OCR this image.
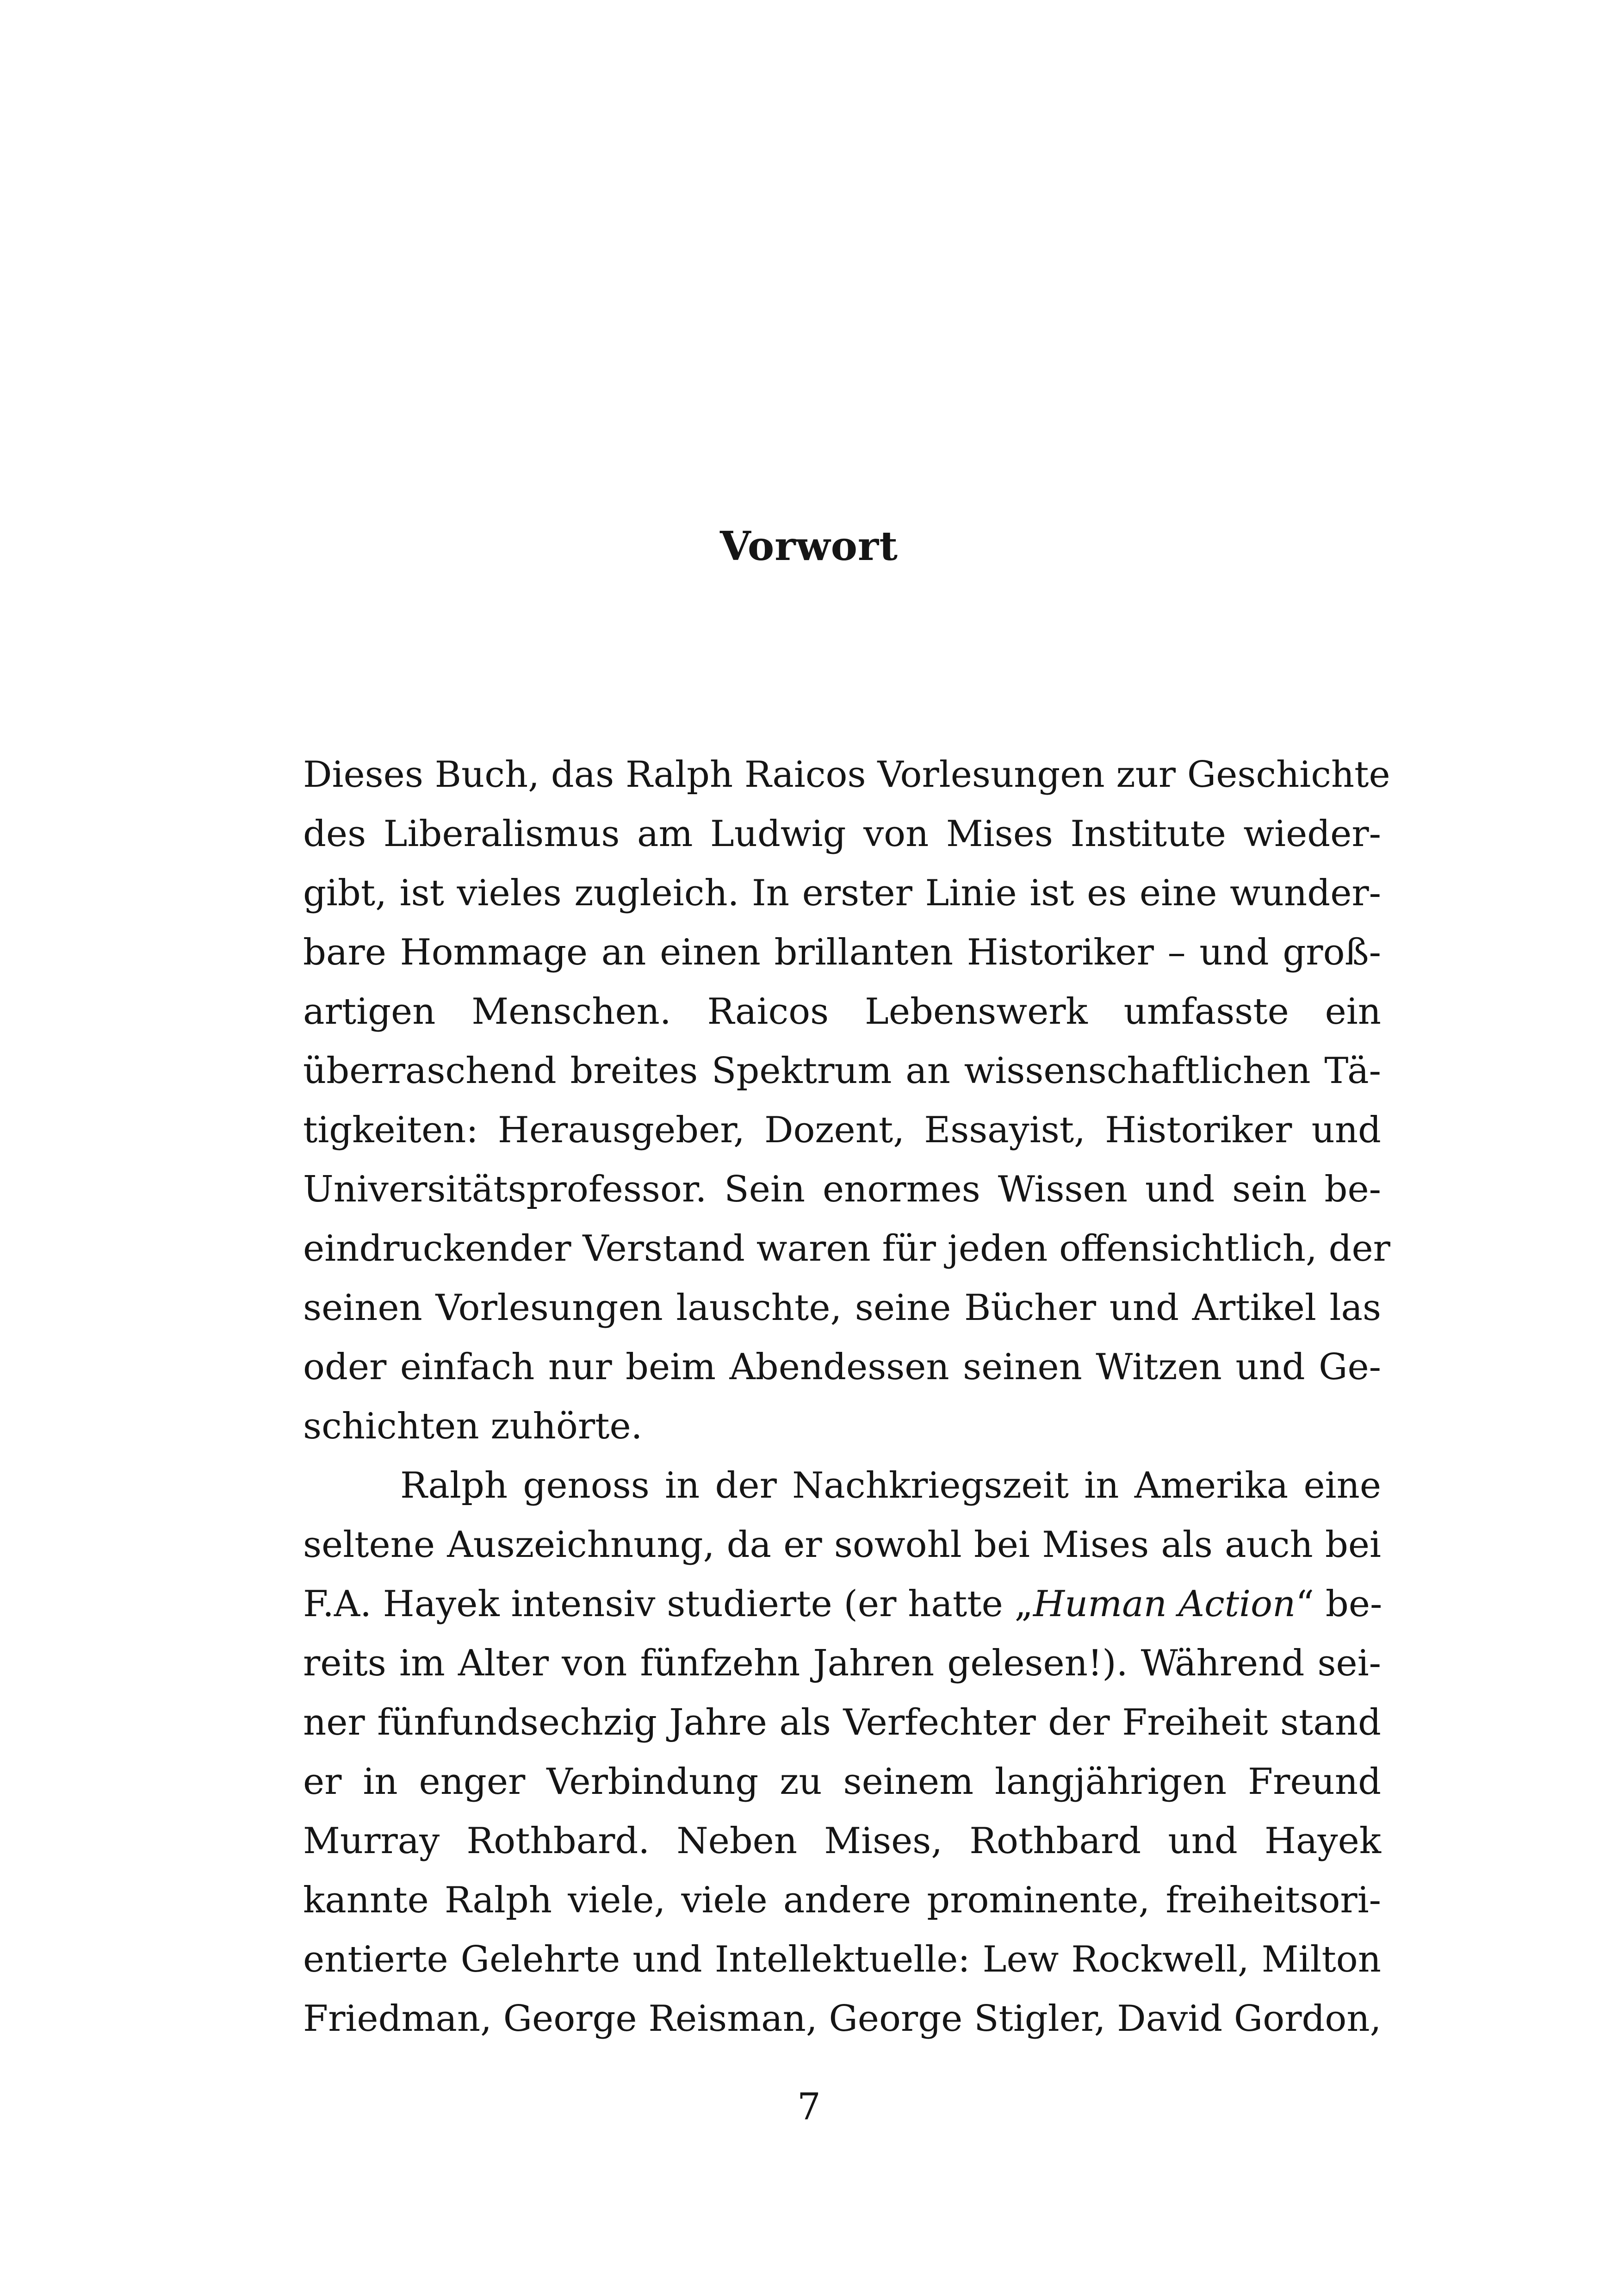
Vorwort
Dieses Buch, das Ralph Raicos Vorlesungen zur Geschichte
des Liberalismus am Ludwig von Mises Institute wieder-
gibt, ist vieles zugleich. In erster Linie ist es eine wunder-
bare Hommage an einen brillanten Historiker – und groß-
artigen Menschen. Raicos Lebenswerk umfasste ein
überraschend breites Spektrum an wissenschaftlichen Tä-
tigkeiten: Herausgeber, Dozent, Essayist, Historiker und
Universitätsprofessor. Sein enormes Wissen und sein be-
eindruckender Verstand waren für jeden offensichtlich, der
seinen Vorlesungen lauschte, seine Bücher und Artikel las
oder einfach nur beim Abendessen seinen Witzen und Ge-
schichten zuhörte.
Ralph genoss in der Nachkriegszeit in Amerika eine
seltene Auszeichnung, da er sowohl bei Mises als auch bei
F.A. Hayek intensiv studierte (er hatte „Human Action“ be-
reits im Alter von fünfzehn Jahren gelesen!). Während sei-
ner fünfundsechzig Jahre als Verfechter der Freiheit stand
er in enger Verbindung zu seinem langjährigen Freund
Murray Rothbard. Neben Mises, Rothbard und Hayek
kannte Ralph viele, viele andere prominente, freiheitsori-
entierte Gelehrte und Intellektuelle: Lew Rockwell, Milton
Friedman, George Reisman, George Stigler, David Gordon,
7
